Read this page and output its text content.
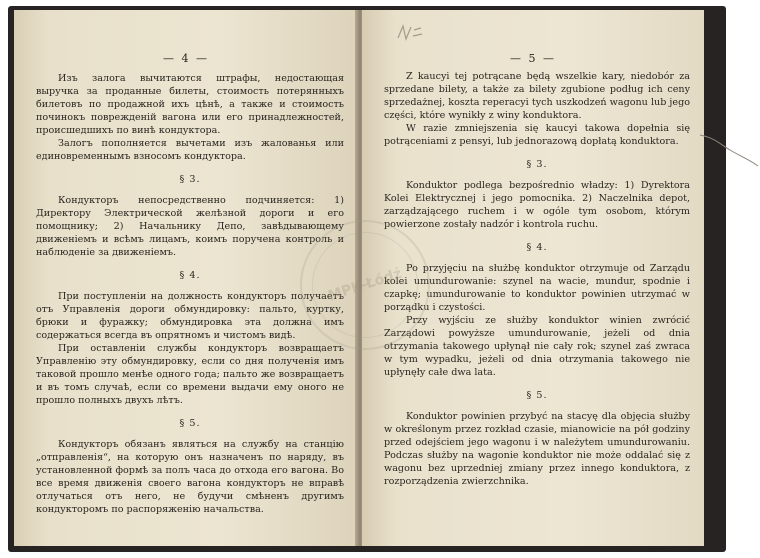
— 4 —

Изъ залога вычитаются штрафы, недостающая выручка за проданные билеты, стоимость потерянныхъ билетовъ по продажной ихъ цѣнѣ, а также и стоимость починокъ поврежденій вагона или его принадлежностей, происшедшихъ по винѣ кондуктора.

Залогъ пополняется вычетами изъ жалованья или единовременнымъ взносомъ кондуктора.

§ 3.

Кондукторъ непосредственно подчиняется: 1) Директору Электрической желѣзной дороги и его помощнику; 2) Начальнику Депо, завѣдывающему движеніемъ и всѣмъ лицамъ, коимъ поручена контроль и наблюденіе за движеніемъ.

§ 4.

При поступленіи на должность кондукторъ получаетъ отъ Управленія дороги обмундировку: пальто, куртку, брюки и фуражку; обмундировка эта должна имъ содержаться всегда въ опрятномъ и чистомъ видѣ.

При оставленіи службы кондукторъ возвращаетъ Управленію эту обмундировку, если со дня полученія имъ таковой прошло менѣе одного года; пальто же возвращаетъ и въ томъ случаѣ, если со времени выдачи ему оного не прошло полныхъ двухъ лѣтъ.

§ 5.

Кондукторъ обязанъ являться на службу на станцію „отправленія“, на которую онъ назначенъ по наряду, въ установленной формѣ за полъ часа до отхода его вагона. Во все время движенія своего вагона кондукторъ не вправѣ отлучаться отъ него, не будучи смѣненъ другимъ кондукторомъ по распоряженію начальства.

— 5 —

Z kaucyi tej potrącane będą wszelkie kary, niedobór za sprzedane bilety, a także za bilety zgubione podług ich ceny sprzedażnej, koszta reperacyi tych uszkodzeń wagonu lub jego części, które wynikły z winy konduktora.

W razie zmniejszenia się kaucyi takowa dopełnia się potrąceniami z pensyi, lub jednorazową dopłatą konduktora.

§ 3.

Konduktor podlega bezpośrednio władzy: 1) Dyrektora Kolei Elektrycznej i jego pomocnika. 2) Naczelnika depot, zarządzającego ruchem i w ogóle tym osobom, którym powierzone zostały nadzór i kontrola ruchu.

§ 4.

Po przyjęciu na służbę konduktor otrzymuje od Zarządu kolei umundurowanie: szynel na wacie, mundur, spodnie i czapkę; umundurowanie to konduktor powinien utrzymać w porządku i czystości.

Przy wyjściu ze służby konduktor winien zwrócić Zarządowi powyższe umundurowanie, jeżeli od dnia otrzymania takowego upłynął nie cały rok; szynel zaś zwraca w tym wypadku, jeżeli od dnia otrzymania takowego nie upłynęły całe dwa lata.

§ 5.

Konduktor powinien przybyć na stacyę dla objęcia służby w określonym przez rozkład czasie, mianowicie na pół godziny przed odejściem jego wagonu i w należytem umundurowaniu. Podczas służby na wagonie konduktor nie może oddalać się z wagonu bez uprzedniej zmiany przez innego konduktora, z rozporządzenia zwierzchnika.

MPK-Łódź
